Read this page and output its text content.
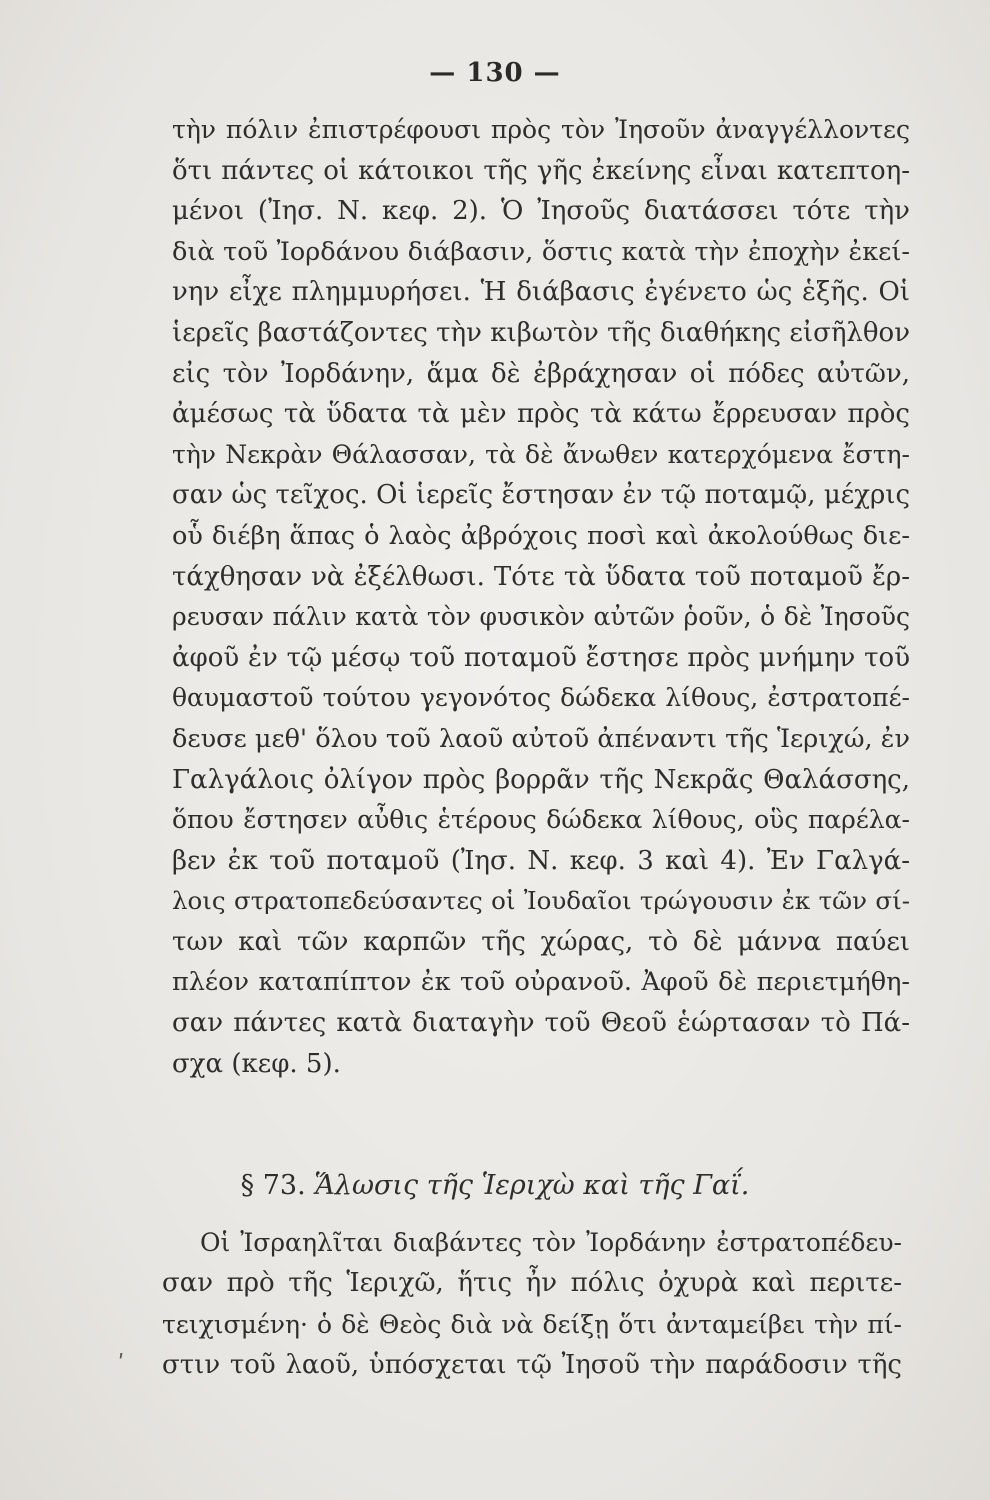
— 130 —
τὴν πόλιν ἐπιστρέφουσι πρὸς τὸν Ἰησοῦν ἀναγγέλλοντες
ὅτι πάντες οἱ κάτοικοι τῆς γῆς ἐκείνης εἶναι κατεπτοη-
μένοι (Ἰησ. Ν. κεφ. 2). Ὁ Ἰησοῦς διατάσσει τότε τὴν
διὰ τοῦ Ἰορδάνου διάβασιν, ὅστις κατὰ τὴν ἐποχὴν ἐκεί-
νην εἶχε πλημμυρήσει. Ἡ διάβασις ἐγένετο ὡς ἑξῆς. Οἱ
ἱερεῖς βαστάζοντες τὴν κιβωτὸν τῆς διαθήκης εἰσῆλθον
εἰς τὸν Ἰορδάνην, ἅμα δὲ ἐβράχησαν οἱ πόδες αὐτῶν,
ἀμέσως τὰ ὕδατα τὰ μὲν πρὸς τὰ κάτω ἔρρευσαν πρὸς
τὴν Νεκρὰν Θάλασσαν, τὰ δὲ ἄνωθεν κατερχόμενα ἔστη-
σαν ὡς τεῖχος. Οἱ ἱερεῖς ἔστησαν ἐν τῷ ποταμῷ, μέχρις
οὗ διέβη ἅπας ὁ λαὸς ἀβρόχοις ποσὶ καὶ ἀκολούθως διε-
τάχθησαν νὰ ἐξέλθωσι. Τότε τὰ ὕδατα τοῦ ποταμοῦ ἔρ-
ρευσαν πάλιν κατὰ τὸν φυσικὸν αὐτῶν ῥοῦν, ὁ δὲ Ἰησοῦς
ἀφοῦ ἐν τῷ μέσῳ τοῦ ποταμοῦ ἔστησε πρὸς μνήμην τοῦ
θαυμαστοῦ τούτου γεγονότος δώδεκα λίθους, ἐστρατοπέ-
δευσε μεθ' ὅλου τοῦ λαοῦ αὐτοῦ ἀπέναντι τῆς Ἱεριχώ, ἐν
Γαλγάλοις ὀλίγον πρὸς βορρᾶν τῆς Νεκρᾶς Θαλάσσης,
ὅπου ἔστησεν αὖθις ἑτέρους δώδεκα λίθους, οὓς παρέλα-
βεν ἐκ τοῦ ποταμοῦ (Ἰησ. Ν. κεφ. 3 καὶ 4). Ἐν Γαλγά-
λοις στρατοπεδεύσαντες οἱ Ἰουδαῖοι τρώγουσιν ἐκ τῶν σί-
των καὶ τῶν καρπῶν τῆς χώρας, τὸ δὲ μάννα παύει
πλέον καταπίπτον ἐκ τοῦ οὐρανοῦ. Ἀφοῦ δὲ περιετμήθη-
σαν πάντες κατὰ διαταγὴν τοῦ Θεοῦ ἑώρτασαν τὸ Πά-
σχα (κεφ. 5).
§ 73. Ἅλωσις τῆς Ἱεριχὼ καὶ τῆς Γαΐ.
Οἱ Ἰσραηλῖται διαβάντες τὸν Ἰορδάνην ἐστρατοπέδευ-
σαν πρὸ τῆς Ἱεριχῶ, ἥτις ἦν πόλις ὀχυρὰ καὶ περιτε-
τειχισμένη· ὁ δὲ Θεὸς διὰ νὰ δείξῃ ὅτι ἀνταμείβει τὴν πί-
στιν τοῦ λαοῦ, ὑπόσχεται τῷ Ἰησοῦ τὴν παράδοσιν τῆς
ʹ
